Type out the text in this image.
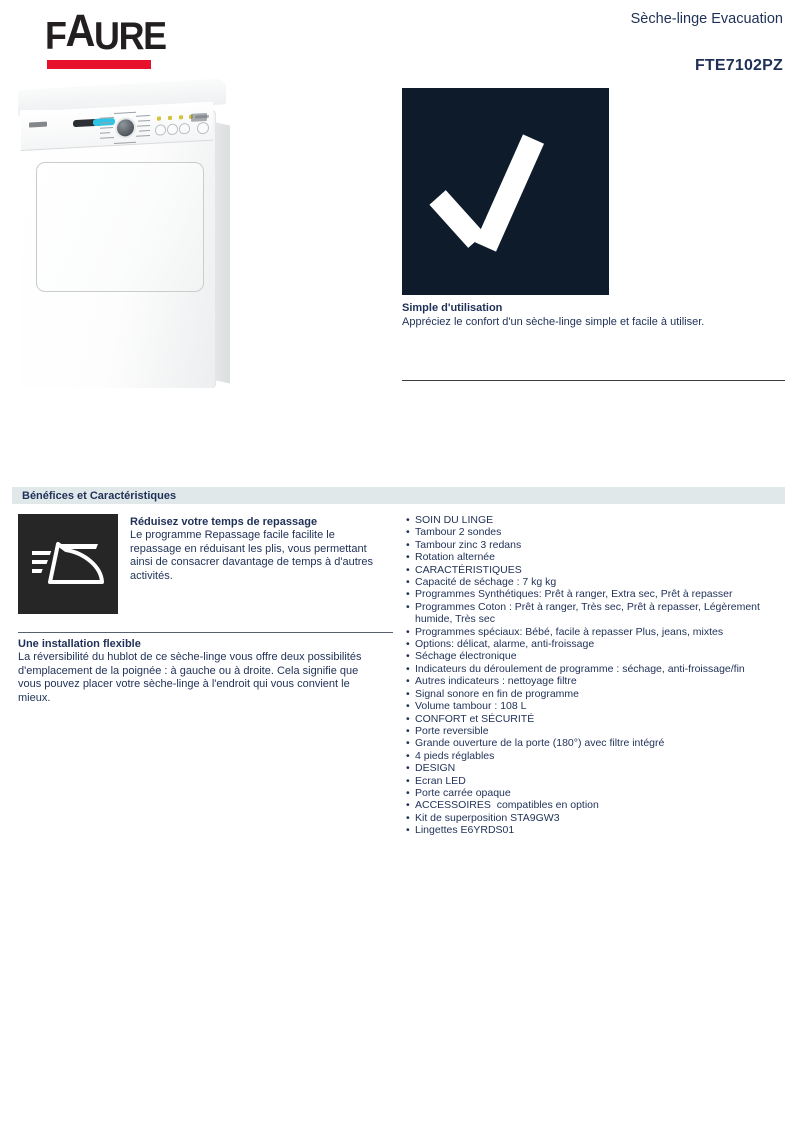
FAURE	Sèche-linge Evacuation
FTE7102PZ
Simple d'utilisation
Appréciez le confort d'un sèche-linge simple et facile à utiliser.
Bénéfices et Caractéristiques
Réduisez votre temps de repassage
Le programme Repassage facile facilite le repassage en réduisant les plis, vous permettant ainsi de consacrer davantage de temps à d'autres activités.
Une installation flexible
La réversibilité du hublot de ce sèche-linge vous offre deux possibilités d'emplacement de la poignée : à gauche ou à droite. Cela signifie que vous pouvez placer votre sèche-linge à l'endroit qui vous convient le mieux.
• SOIN DU LINGE
• Tambour 2 sondes
• Tambour zinc 3 redans
• Rotation alternée
• CARACTÉRISTIQUES
• Capacité de séchage : 7 kg kg
• Programmes Synthétiques: Prêt à ranger, Extra sec, Prêt à repasser
• Programmes Coton : Prêt à ranger, Très sec, Prêt à repasser, Légèrement humide, Très sec
• Programmes spéciaux: Bébé, facile à repasser Plus, jeans, mixtes
• Options: délicat, alarme, anti-froissage
• Séchage électronique
• Indicateurs du déroulement de programme : séchage, anti-froissage/fin
• Autres indicateurs : nettoyage filtre
• Signal sonore en fin de programme
• Volume tambour : 108 L
• CONFORT et SÉCURITÉ
• Porte reversible
• Grande ouverture de la porte (180°) avec filtre intégré
• 4 pieds réglables
• DESIGN
• Ecran LED
• Porte carrée opaque
• ACCESSOIRES  compatibles en option
• Kit de superposition STA9GW3
• Lingettes E6YRDS01
